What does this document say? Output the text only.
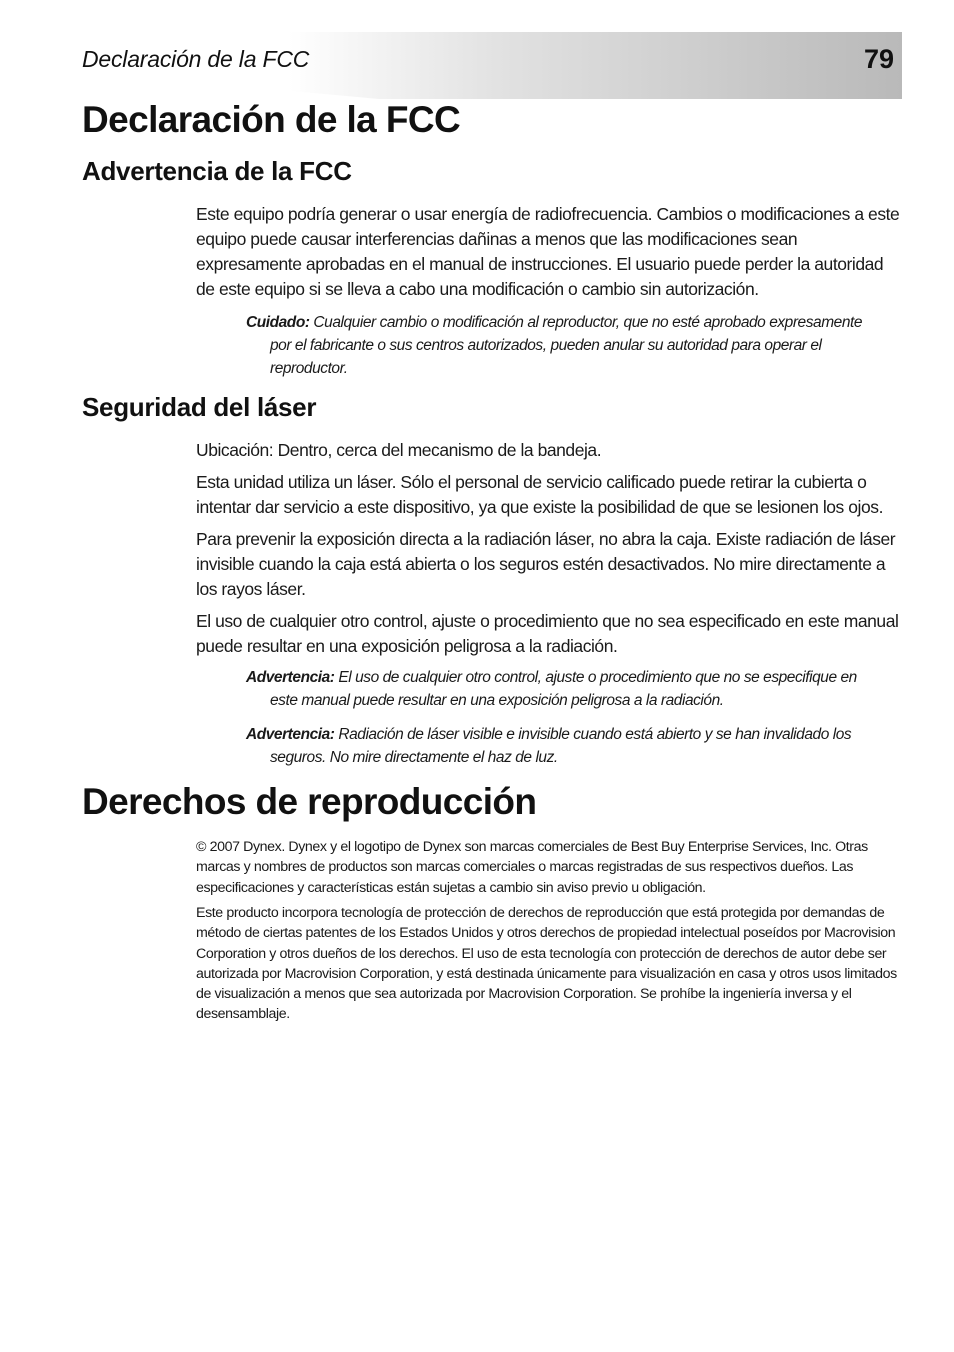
Declaración de la FCC	79
Declaración de la FCC
Advertencia de la FCC

Este equipo podría generar o usar energía de radiofrecuencia. Cambios o modificaciones a este equipo puede causar interferencias dañinas a menos que las modificaciones sean expresamente aprobadas en el manual de instrucciones. El usuario puede perder la autoridad de este equipo si se lleva a cabo una modificación o cambio sin autorización.

Cuidado: Cualquier cambio o modificación al reproductor, que no esté aprobado expresamente por el fabricante o sus centros autorizados, pueden anular su autoridad para operar el reproductor.

Seguridad del láser

Ubicación: Dentro, cerca del mecanismo de la bandeja.

Esta unidad utiliza un láser. Sólo el personal de servicio calificado puede retirar la cubierta o intentar dar servicio a este dispositivo, ya que existe la posibilidad de que se lesionen los ojos.

Para prevenir la exposición directa a la radiación láser, no abra la caja. Existe radiación de láser invisible cuando la caja está abierta o los seguros estén desactivados. No mire directamente a los rayos láser.

El uso de cualquier otro control, ajuste o procedimiento que no sea especificado en este manual puede resultar en una exposición peligrosa a la radiación.

Advertencia: El uso de cualquier otro control, ajuste o procedimiento que no se especifique en este manual puede resultar en una exposición peligrosa a la radiación.

Advertencia: Radiación de láser visible e invisible cuando está abierto y se han invalidado los seguros. No mire directamente el haz de luz.

Derechos de reproducción

© 2007 Dynex. Dynex y el logotipo de Dynex son marcas comerciales de Best Buy Enterprise Services, Inc. Otras marcas y nombres de productos son marcas comerciales o marcas registradas de sus respectivos dueños. Las especificaciones y características están sujetas a cambio sin aviso previo u obligación.

Este producto incorpora tecnología de protección de derechos de reproducción que está protegida por demandas de método de ciertas patentes de los Estados Unidos y otros derechos de propiedad intelectual poseídos por Macrovision Corporation y otros dueños de los derechos. El uso de esta tecnología con protección de derechos de autor debe ser autorizada por Macrovision Corporation, y está destinada únicamente para visualización en casa y otros usos limitados de visualización a menos que sea autorizada por Macrovision Corporation. Se prohíbe la ingeniería inversa y el desensamblaje.
